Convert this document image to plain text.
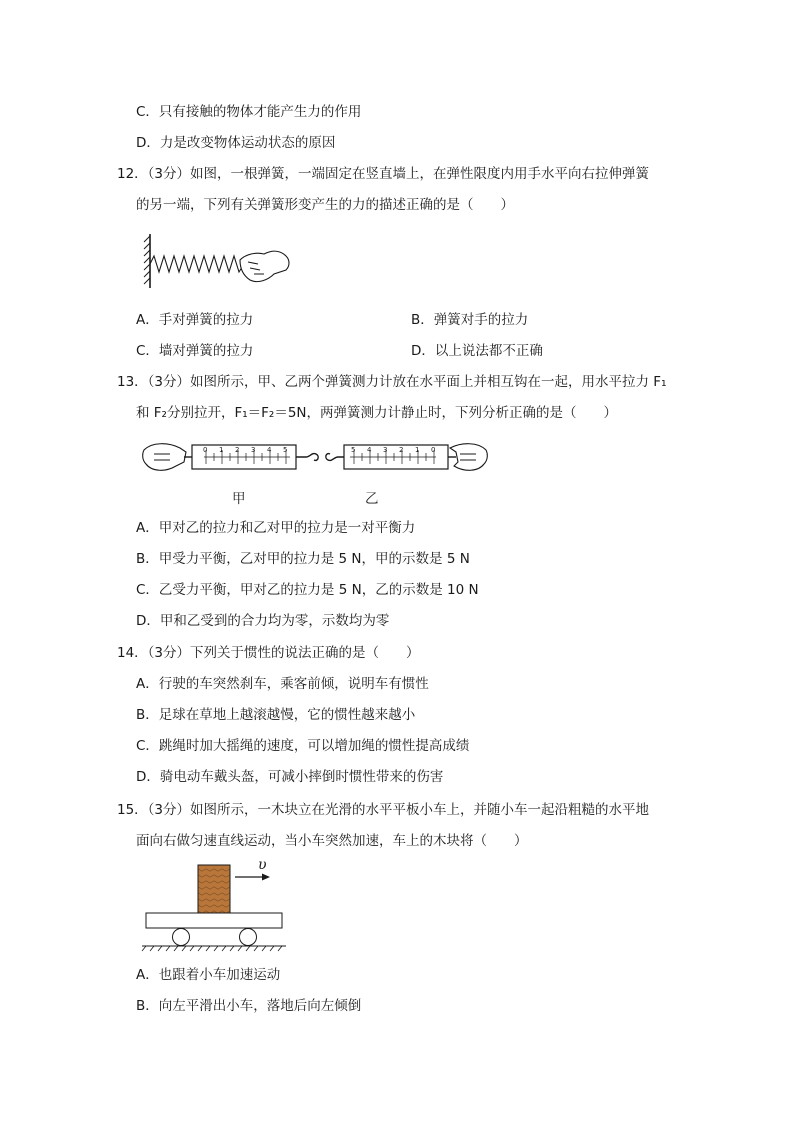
C．只有接触的物体才能产生力的作用
D．力是改变物体运动状态的原因
12．（3分）如图，一根弹簧，一端固定在竖直墙上，在弹性限度内用手水平向右拉伸弹簧
的另一端，下列有关弹簧形变产生的力的描述正确的是（　　）
A．手对弹簧的拉力	B．弹簧对手的拉力
C．墙对弹簧的拉力	D．以上说法都不正确
13．（3分）如图所示，甲、乙两个弹簧测力计放在水平面上并相互钩在一起，用水平拉力 F₁
和 F₂分别拉开，F₁＝F₂＝5N，两弹簧测力计静止时，下列分析正确的是（　　）
0 1 2 3 4 5	5 4 3 2 1 0
甲	乙
A．甲对乙的拉力和乙对甲的拉力是一对平衡力
B．甲受力平衡，乙对甲的拉力是 5 N，甲的示数是 5 N
C．乙受力平衡，甲对乙的拉力是 5 N，乙的示数是 10 N
D．甲和乙受到的合力均为零，示数均为零
14．（3分）下列关于惯性的说法正确的是（　　）
A．行驶的车突然刹车，乘客前倾，说明车有惯性
B．足球在草地上越滚越慢，它的惯性越来越小
C．跳绳时加大摇绳的速度，可以增加绳的惯性提高成绩
D．骑电动车戴头盔，可减小摔倒时惯性带来的伤害
15．（3分）如图所示，一木块立在光滑的水平平板小车上，并随小车一起沿粗糙的水平地
面向右做匀速直线运动，当小车突然加速，车上的木块将（　　）
υ
A．也跟着小车加速运动
B．向左平滑出小车，落地后向左倾倒
